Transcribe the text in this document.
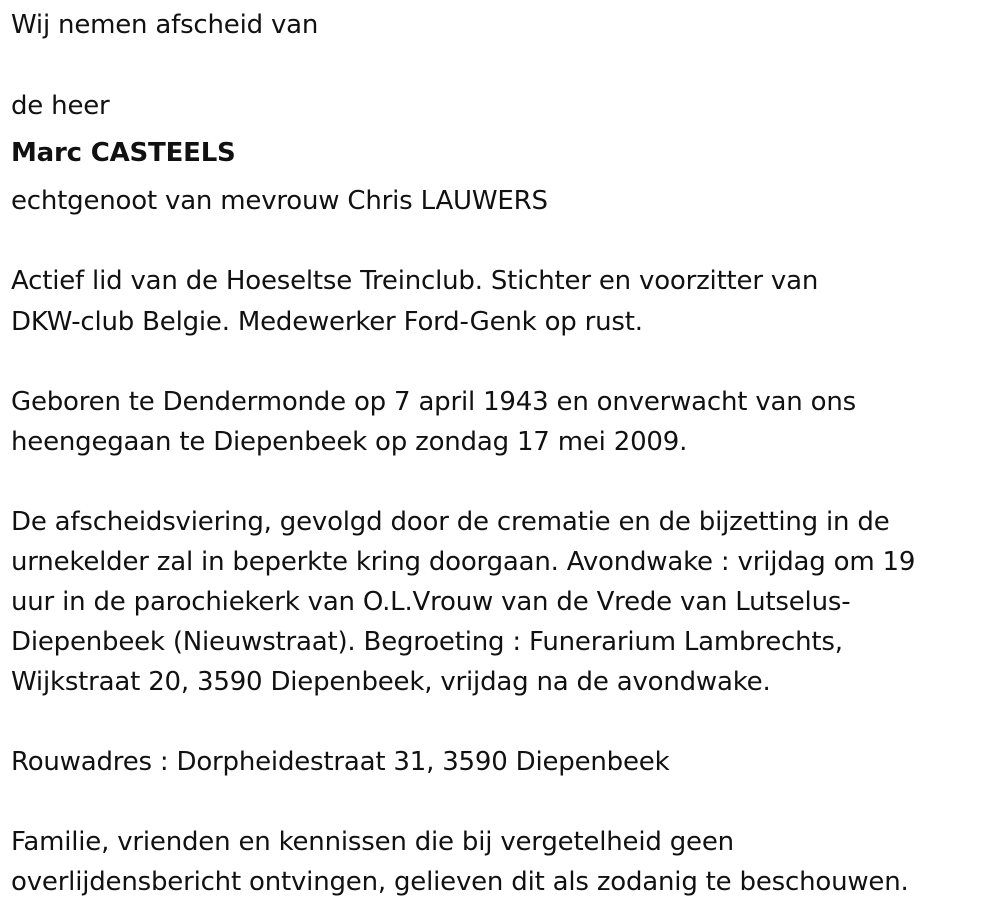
Wij nemen afscheid van
de heer
Marc CASTEELS
echtgenoot van mevrouw Chris LAUWERS
Actief lid van de Hoeseltse Treinclub. Stichter en voorzitter van
DKW-club Belgie. Medewerker Ford-Genk op rust.
Geboren te Dendermonde op 7 april 1943 en onverwacht van ons
heengegaan te Diepenbeek op zondag 17 mei 2009.
De afscheidsviering, gevolgd door de crematie en de bijzetting in de
urnekelder zal in beperkte kring doorgaan. Avondwake : vrijdag om 19
uur in de parochiekerk van O.L.Vrouw van de Vrede van Lutselus-
Diepenbeek (Nieuwstraat). Begroeting : Funerarium Lambrechts,
Wijkstraat 20, 3590 Diepenbeek, vrijdag na de avondwake.
Rouwadres : Dorpheidestraat 31, 3590 Diepenbeek
Familie, vrienden en kennissen die bij vergetelheid geen
overlijdensbericht ontvingen, gelieven dit als zodanig te beschouwen.
